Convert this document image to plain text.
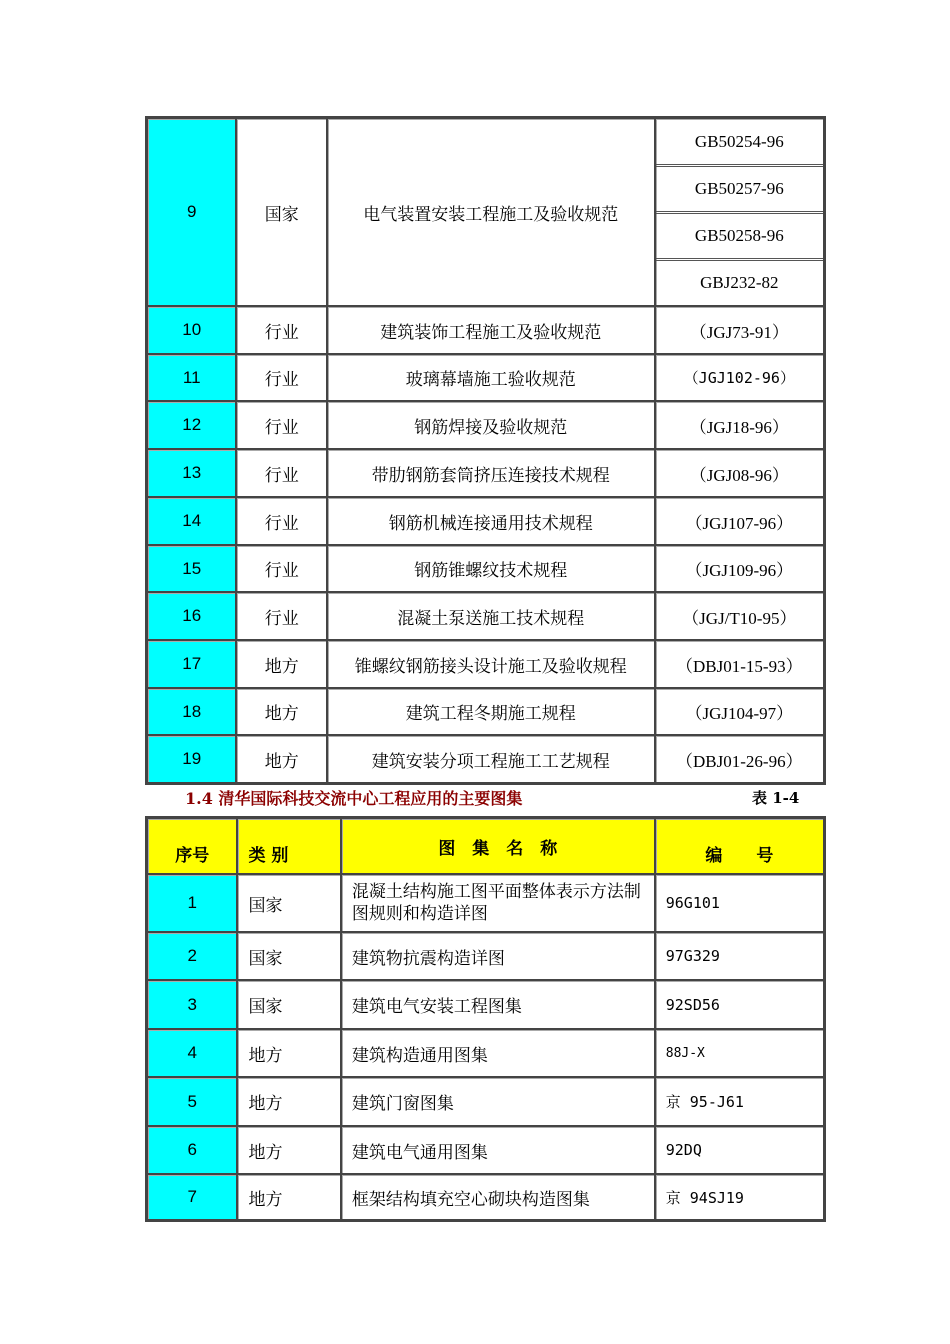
9	国家	电气装置安装工程施工及验收规范	GB50254-96
GB50257-96
GB50258-96
GBJ232-82

10	行业	建筑装饰工程施工及验收规范	（JGJ73-91）
11	行业	玻璃幕墙施工验收规范	（JGJ102-96）
12	行业	钢筋焊接及验收规范	（JGJ18-96）
13	行业	带肋钢筋套筒挤压连接技术规程	（JGJ08-96）
14	行业	钢筋机械连接通用技术规程	（JGJ107-96）
15	行业	钢筋锥螺纹技术规程	（JGJ109-96）
16	行业	混凝土泵送施工技术规程	（JGJ/T10-95）
17	地方	锥螺纹钢筋接头设计施工及验收规程	（DBJ01-15-93）
18	地方	建筑工程冬期施工规程	（JGJ104-97）
19	地方	建筑安装分项工程施工工艺规程	（DBJ01-26-96）
1.4 清华国际科技交流中心工程应用的主要图集	表 1-4
序号	类 别	图　集　名　称	编　　号
1	国家	混凝土结构施工图平面整体表示方法制图规则和构造详图	96G101
2	国家	建筑物抗震构造详图	97G329
3	国家	建筑电气安装工程图集	92SD56
4	地方	建筑构造通用图集	88J-X
5	地方	建筑门窗图集	京 95-J61
6	地方	建筑电气通用图集	92DQ
7	地方	框架结构填充空心砌块构造图集	京 94SJ19
